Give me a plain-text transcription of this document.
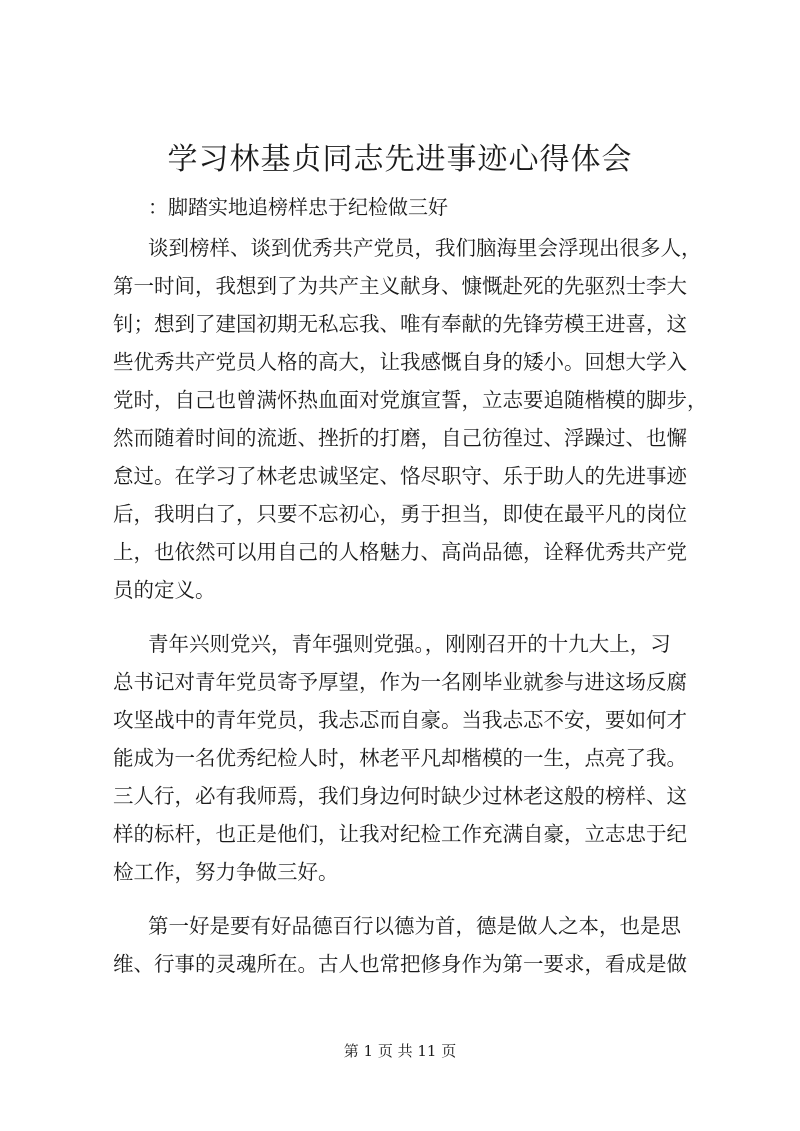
学习林基贞同志先进事迹心得体会

：脚踏实地追榜样忠于纪检做三好

谈到榜样、谈到优秀共产党员，我们脑海里会浮现出很多人，

第一时间，我想到了为共产主义献身、慷慨赴死的先驱烈士李大

钊；想到了建国初期无私忘我、唯有奉献的先锋劳模王进喜，这

些优秀共产党员人格的高大，让我感慨自身的矮小。回想大学入

党时，自己也曾满怀热血面对党旗宣誓，立志要追随楷模的脚步，

然而随着时间的流逝、挫折的打磨，自己彷徨过、浮躁过、也懈

怠过。在学习了林老忠诚坚定、恪尽职守、乐于助人的先进事迹

后，我明白了，只要不忘初心，勇于担当，即使在最平凡的岗位

上，也依然可以用自己的人格魅力、高尚品德，诠释优秀共产党

员的定义。

青年兴则党兴，青年强则党强。，刚刚召开的十九大上，习

总书记对青年党员寄予厚望，作为一名刚毕业就参与进这场反腐

攻坚战中的青年党员，我忐忑而自豪。当我忐忑不安，要如何才

能成为一名优秀纪检人时，林老平凡却楷模的一生，点亮了我。

三人行，必有我师焉，我们身边何时缺少过林老这般的榜样、这

样的标杆，也正是他们，让我对纪检工作充满自豪，立志忠于纪

检工作，努力争做三好。

第一好是要有好品德百行以德为首，德是做人之本，也是思

维、行事的灵魂所在。古人也常把修身作为第一要求，看成是做

第 1 页 共 11 页
